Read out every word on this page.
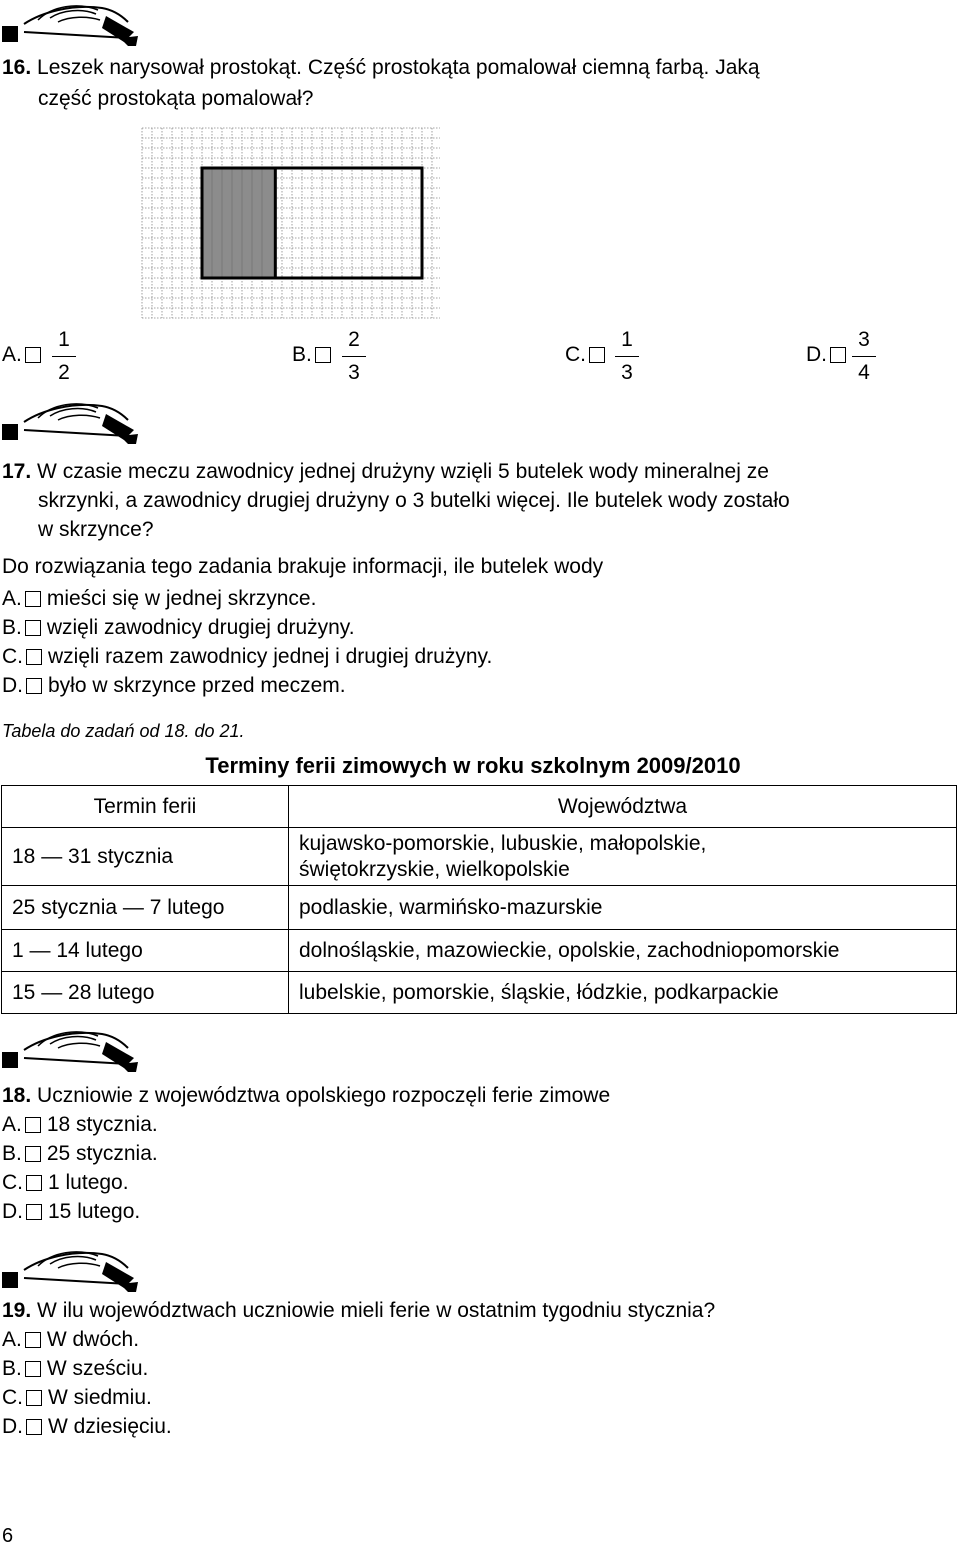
16. Leszek narysował prostokąt. Część prostokąta pomalował ciemną farbą. Jaką
część prostokąta pomalował?
A.
1
2
B.
2
3
C.
1
3
D.
3
4
17. W czasie meczu zawodnicy jednej drużyny wzięli 5 butelek wody mineralnej ze
skrzynki, a zawodnicy drugiej drużyny o 3 butelki więcej. Ile butelek wody zostało
w skrzynce?
Do rozwiązania tego zadania brakuje informacji, ile butelek wody
A. mieści się w jednej skrzynce.
B. wzięli zawodnicy drugiej drużyny.
C. wzięli razem zawodnicy jednej i drugiej drużyny.
D. było w skrzynce przed meczem.
Tabela do zadań od 18. do 21.
Terminy ferii zimowych w roku szkolnym 2009/2010
Termin ferii	Województwa
18 — 31 stycznia	kujawsko-pomorskie, lubuskie, małopolskie,
świętokrzyskie, wielkopolskie

25 stycznia — 7 lutego	podlaskie, warmińsko-mazurskie
1 — 14 lutego	dolnośląskie, mazowieckie, opolskie, zachodniopomorskie
15 — 28 lutego	lubelskie, pomorskie, śląskie, łódzkie, podkarpackie
18. Uczniowie z województwa opolskiego rozpoczęli ferie zimowe
A. 18 stycznia.
B. 25 stycznia.
C. 1 lutego.
D. 15 lutego.
19. W ilu województwach uczniowie mieli ferie w ostatnim tygodniu stycznia?
A. W dwóch.
B. W sześciu.
C. W siedmiu.
D. W dziesięciu.
6
